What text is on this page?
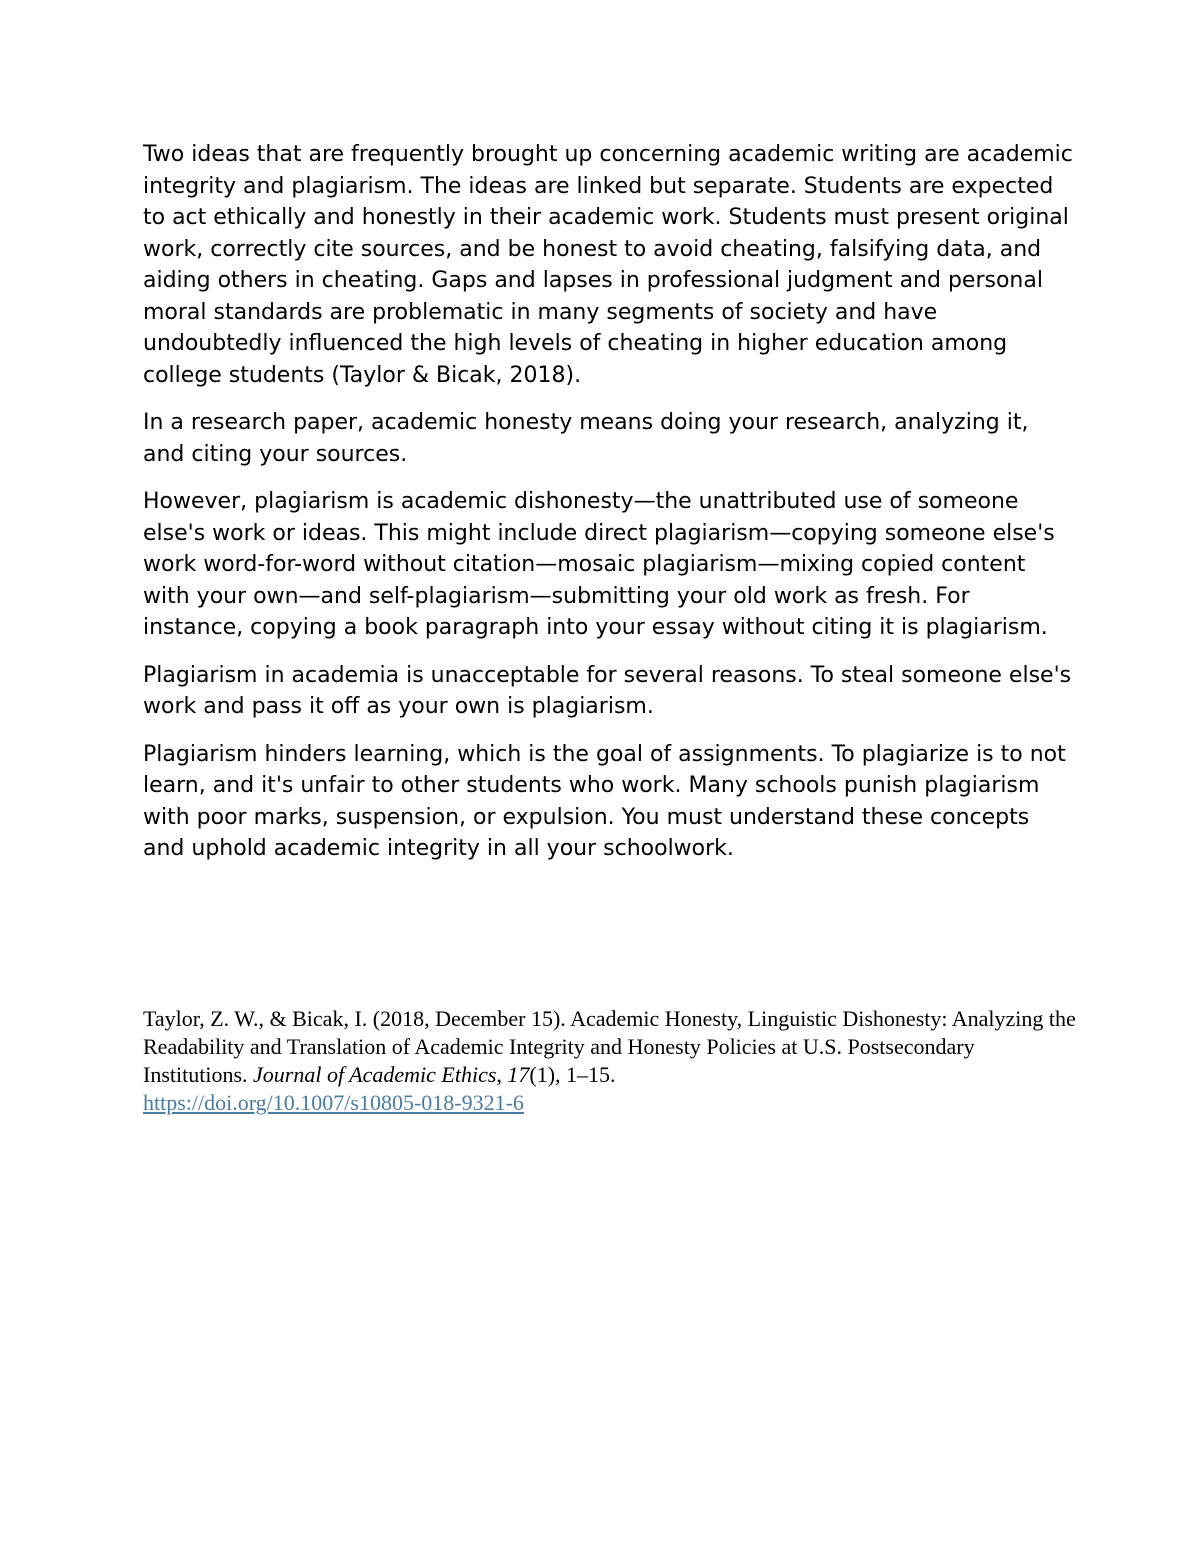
Two ideas that are frequently brought up concerning academic writing are academic integrity and plagiarism. The ideas are linked but separate. Students are expected to act ethically and honestly in their academic work. Students must present original work, correctly cite sources, and be honest to avoid cheating, falsifying data, and aiding others in cheating. Gaps and lapses in professional judgment and personal moral standards are problematic in many segments of society and have undoubtedly influenced the high levels of cheating in higher education among college students (Taylor & Bicak, 2018).

In a research paper, academic honesty means doing your research, analyzing it, and citing your sources.

However, plagiarism is academic dishonesty—the unattributed use of someone else's work or ideas. This might include direct plagiarism—copying someone else's work word-for-word without citation—mosaic plagiarism—mixing copied content with your own—and self-plagiarism—submitting your old work as fresh. For instance, copying a book paragraph into your essay without citing it is plagiarism.

Plagiarism in academia is unacceptable for several reasons. To steal someone else's work and pass it off as your own is plagiarism.

Plagiarism hinders learning, which is the goal of assignments. To plagiarize is to not learn, and it's unfair to other students who work. Many schools punish plagiarism with poor marks, suspension, or expulsion. You must understand these concepts and uphold academic integrity in all your schoolwork.

Taylor, Z. W., & Bicak, I. (2018, December 15). Academic Honesty, Linguistic Dishonesty: Analyzing the Readability and Translation of Academic Integrity and Honesty Policies at U.S. Postsecondary Institutions. Journal of Academic Ethics, 17(1), 1–15.
https://doi.org/10.1007/s10805-018-9321-6
